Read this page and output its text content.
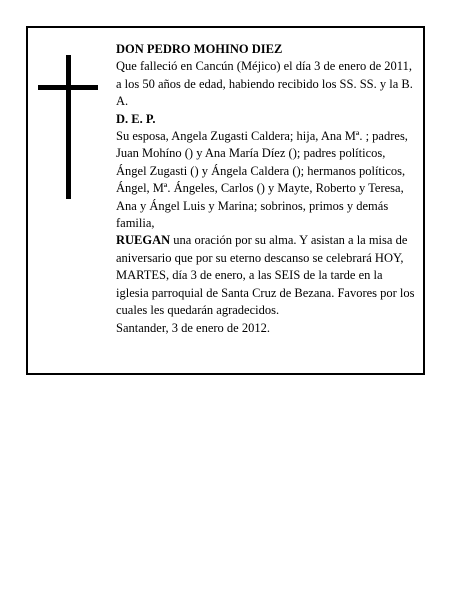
DON PEDRO MOHINO DIEZ

Que falleció en Cancún (Méjico) el día 3 de enero de 2011, a los 50 años de edad, habiendo recibido los SS. SS. y la B. A.

D. E. P.

Su esposa, Angela Zugasti Caldera; hija, Ana Mª. ; padres, Juan Mohíno () y Ana María Díez (); padres políticos, Ángel Zugasti () y Ángela Caldera (); hermanos políticos, Ángel, Mª. Ángeles, Carlos () y Mayte, Roberto y Teresa, Ana y Ángel Luis y Marina; sobrinos, primos y demás familia,

RUEGAN una oración por su alma. Y asistan a la misa de aniversario que por su eterno descanso se celebrará HOY, MARTES, día 3 de enero, a las SEIS de la tarde en la iglesia parroquial de Santa Cruz de Bezana. Favores por los cuales les quedarán agradecidos.

Santander, 3 de enero de 2012.
